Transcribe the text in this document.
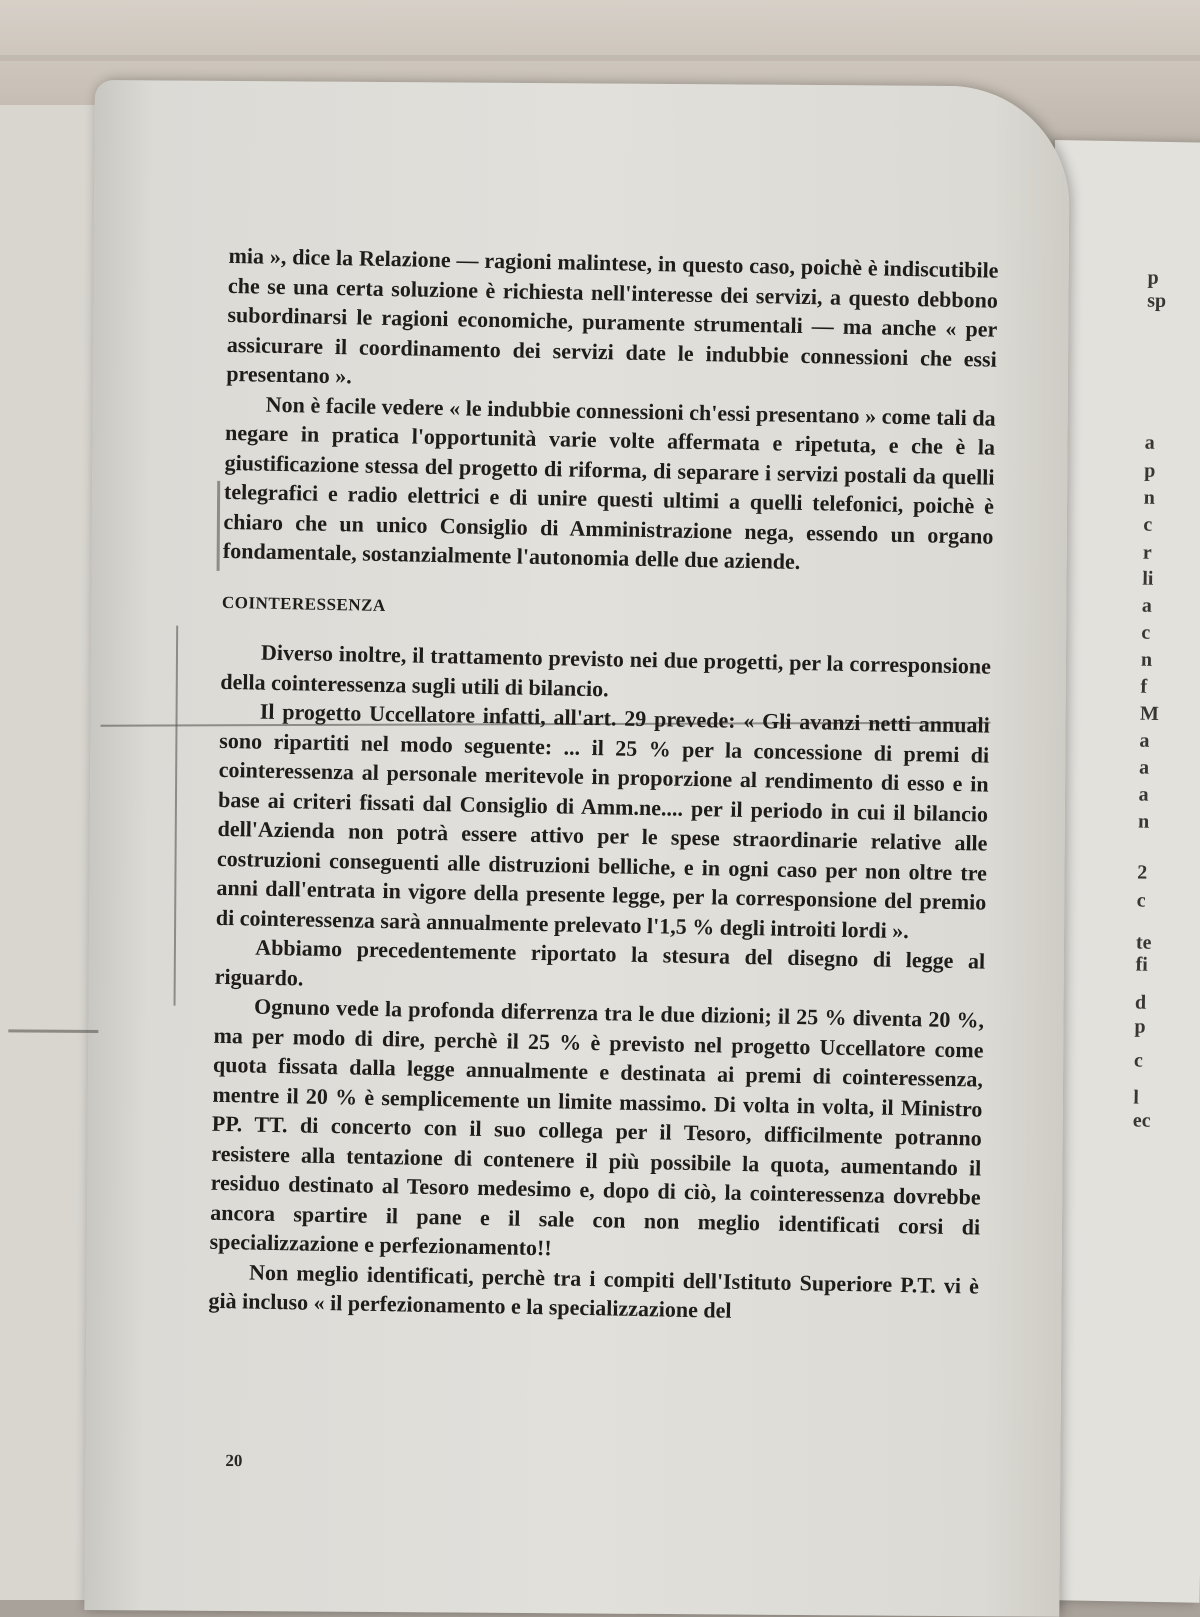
p
sp
a
p
n
c
r
li
a
c
n
f
M
a
a
a
n
2
c
te
fi
d
p
c
l
ec

mia », dice la Relazione — ragioni malintese, in questo caso, poichè è indiscutibile che se una certa soluzione è richiesta nell'interesse dei servizi, a questo debbono subordinarsi le ragioni economiche, puramente strumentali — ma anche « per assicurare il coordinamento dei servizi date le indubbie connessioni che essi presentano ».

Non è facile vedere « le indubbie connessioni ch'essi presentano » come tali da negare in pratica l'opportunità varie volte affermata e ripetuta, e che è la giustificazione stessa del progetto di riforma, di separare i servizi postali da quelli telegrafici e radio elettrici e di unire questi ultimi a quelli telefonici, poichè è chiaro che un unico Consiglio di Amministrazione nega, essendo un organo fondamentale, sostanzialmente l'autonomia delle due aziende.

COINTERESSENZA

Diverso inoltre, il trattamento previsto nei due progetti, per la corresponsione della cointeressenza sugli utili di bilancio.

Il progetto Uccellatore infatti, all'art. 29 prevede: « Gli avanzi netti annuali sono ripartiti nel modo seguente: ... il 25 % per la concessione di premi di cointeressenza al personale meritevole in proporzione al rendimento di esso e in base ai criteri fissati dal Consiglio di Amm.ne.... per il periodo in cui il bilancio dell'Azienda non potrà essere attivo per le spese straordinarie relative alle costruzioni conseguenti alle distruzioni belliche, e in ogni caso per non oltre tre anni dall'entrata in vigore della presente legge, per la corresponsione del premio di cointeressenza sarà annualmente prelevato l'1,5 % degli introiti lordi ».

Abbiamo precedentemente riportato la stesura del disegno di legge al riguardo.

Ognuno vede la profonda diferrenza tra le due dizioni; il 25 % diventa 20 %, ma per modo di dire, perchè il 25 % è previsto nel progetto Uccellatore come quota fissata dalla legge annualmente e destinata ai premi di cointeressenza, mentre il 20 % è semplicemente un limite massimo. Di volta in volta, il Ministro PP. TT. di concerto con il suo collega per il Tesoro, difficilmente potranno resistere alla tentazione di contenere il più possibile la quota, aumentando il residuo destinato al Tesoro medesimo e, dopo di ciò, la cointeressenza dovrebbe ancora spartire il pane e il sale con non meglio identificati corsi di specializzazione e perfezionamento!!

Non meglio identificati, perchè tra i compiti dell'Istituto Superiore P.T. vi è già incluso « il perfezionamento e la specializzazione del

20
